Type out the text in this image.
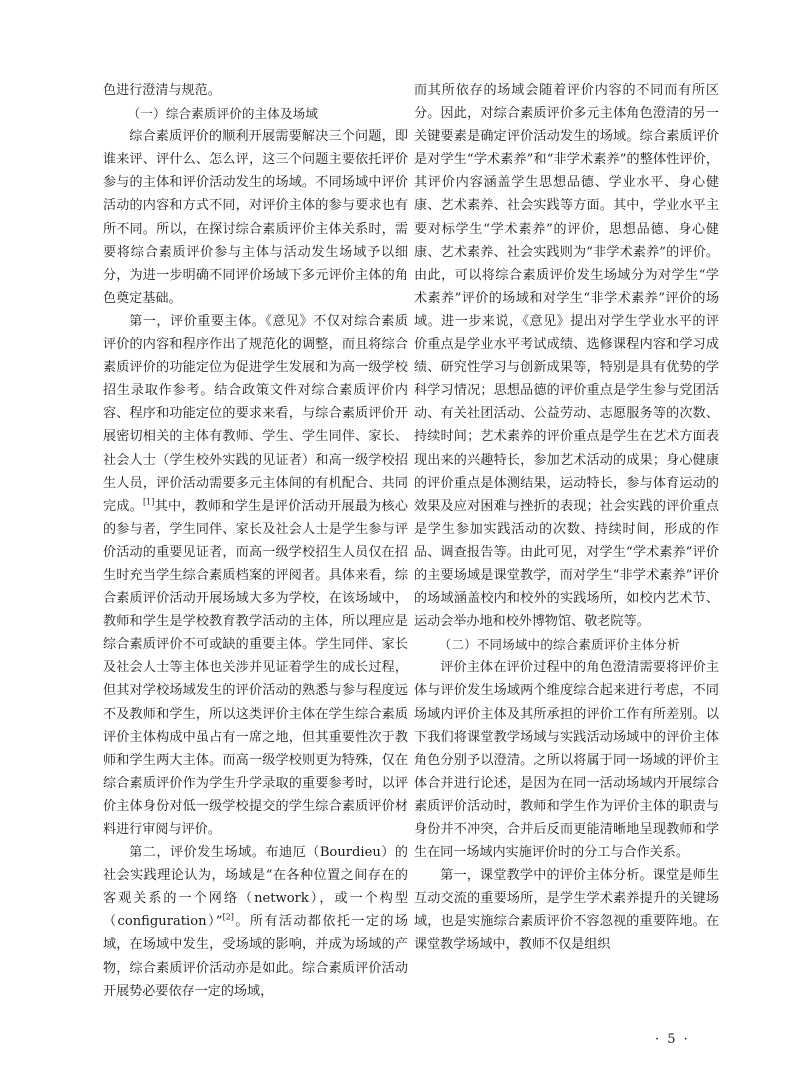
色进行澄清与规范。

（一）综合素质评价的主体及场域

综合素质评价的顺利开展需要解决三个问题，即谁来评、评什么、怎么评，这三个问题主要依托评价参与的主体和评价活动发生的场域。不同场域中评价活动的内容和方式不同，对评价主体的参与要求也有所不同。所以，在探讨综合素质评价主体关系时，需要将综合素质评价参与主体与活动发生场域予以细分，为进一步明确不同评价场域下多元评价主体的角色奠定基础。

第一，评价重要主体。《意见》不仅对综合素质评价的内容和程序作出了规范化的调整，而且将综合素质评价的功能定位为促进学生发展和为高一级学校招生录取作参考。结合政策文件对综合素质评价内容、程序和功能定位的要求来看，与综合素质评价开展密切相关的主体有教师、学生、学生同伴、家长、社会人士（学生校外实践的见证者）和高一级学校招生人员，评价活动需要多元主体间的有机配合、共同完成。[1]其中，教师和学生是评价活动开展最为核心的参与者，学生同伴、家长及社会人士是学生参与评价活动的重要见证者，而高一级学校招生人员仅在招生时充当学生综合素质档案的评阅者。具体来看，综合素质评价活动开展场域大多为学校，在该场域中，教师和学生是学校教育教学活动的主体，所以理应是综合素质评价不可或缺的重要主体。学生同伴、家长及社会人士等主体也关涉并见证着学生的成长过程，但其对学校场域发生的评价活动的熟悉与参与程度远不及教师和学生，所以这类评价主体在学生综合素质评价主体构成中虽占有一席之地，但其重要性次于教师和学生两大主体。而高一级学校则更为特殊，仅在综合素质评价作为学生升学录取的重要参考时，以评价主体身份对低一级学校提交的学生综合素质评价材料进行审阅与评价。

第二，评价发生场域。布迪厄（Bourdieu）的社会实践理论认为，场域是“在各种位置之间存在的客观关系的一个网络（network），或一个构型（configuration）”[2]。所有活动都依托一定的场域，在场域中发生，受场域的影响，并成为场域的产物，综合素质评价活动亦是如此。综合素质评价活动开展势必要依存一定的场域，

而其所依存的场域会随着评价内容的不同而有所区分。因此，对综合素质评价多元主体角色澄清的另一关键要素是确定评价活动发生的场域。综合素质评价是对学生“学术素养”和“非学术素养”的整体性评价，其评价内容涵盖学生思想品德、学业水平、身心健康、艺术素养、社会实践等方面。其中，学业水平主要对标学生“学术素养”的评价，思想品德、身心健康、艺术素养、社会实践则为“非学术素养”的评价。由此，可以将综合素质评价发生场域分为对学生“学术素养”评价的场域和对学生“非学术素养”评价的场域。进一步来说，《意见》提出对学生学业水平的评价重点是学业水平考试成绩、选修课程内容和学习成绩、研究性学习与创新成果等，特别是具有优势的学科学习情况；思想品德的评价重点是学生参与党团活动、有关社团活动、公益劳动、志愿服务等的次数、持续时间；艺术素养的评价重点是学生在艺术方面表现出来的兴趣特长，参加艺术活动的成果；身心健康的评价重点是体测结果，运动特长，参与体育运动的效果及应对困难与挫折的表现；社会实践的评价重点是学生参加实践活动的次数、持续时间，形成的作品、调查报告等。由此可见，对学生“学术素养”评价的主要场域是课堂教学，而对学生“非学术素养”评价的场域涵盖校内和校外的实践场所，如校内艺术节、运动会举办地和校外博物馆、敬老院等。

（二）不同场域中的综合素质评价主体分析

评价主体在评价过程中的角色澄清需要将评价主体与评价发生场域两个维度综合起来进行考虑，不同场域内评价主体及其所承担的评价工作有所差别。以下我们将课堂教学场域与实践活动场域中的评价主体角色分别予以澄清。之所以将属于同一场域的评价主体合并进行论述，是因为在同一活动场域内开展综合素质评价活动时，教师和学生作为评价主体的职责与身份并不冲突，合并后反而更能清晰地呈现教师和学生在同一场域内实施评价时的分工与合作关系。

第一，课堂教学中的评价主体分析。课堂是师生互动交流的重要场所，是学生学术素养提升的关键场域，也是实施综合素质评价不容忽视的重要阵地。在课堂教学场域中，教师不仅是组织

· 5 ·
